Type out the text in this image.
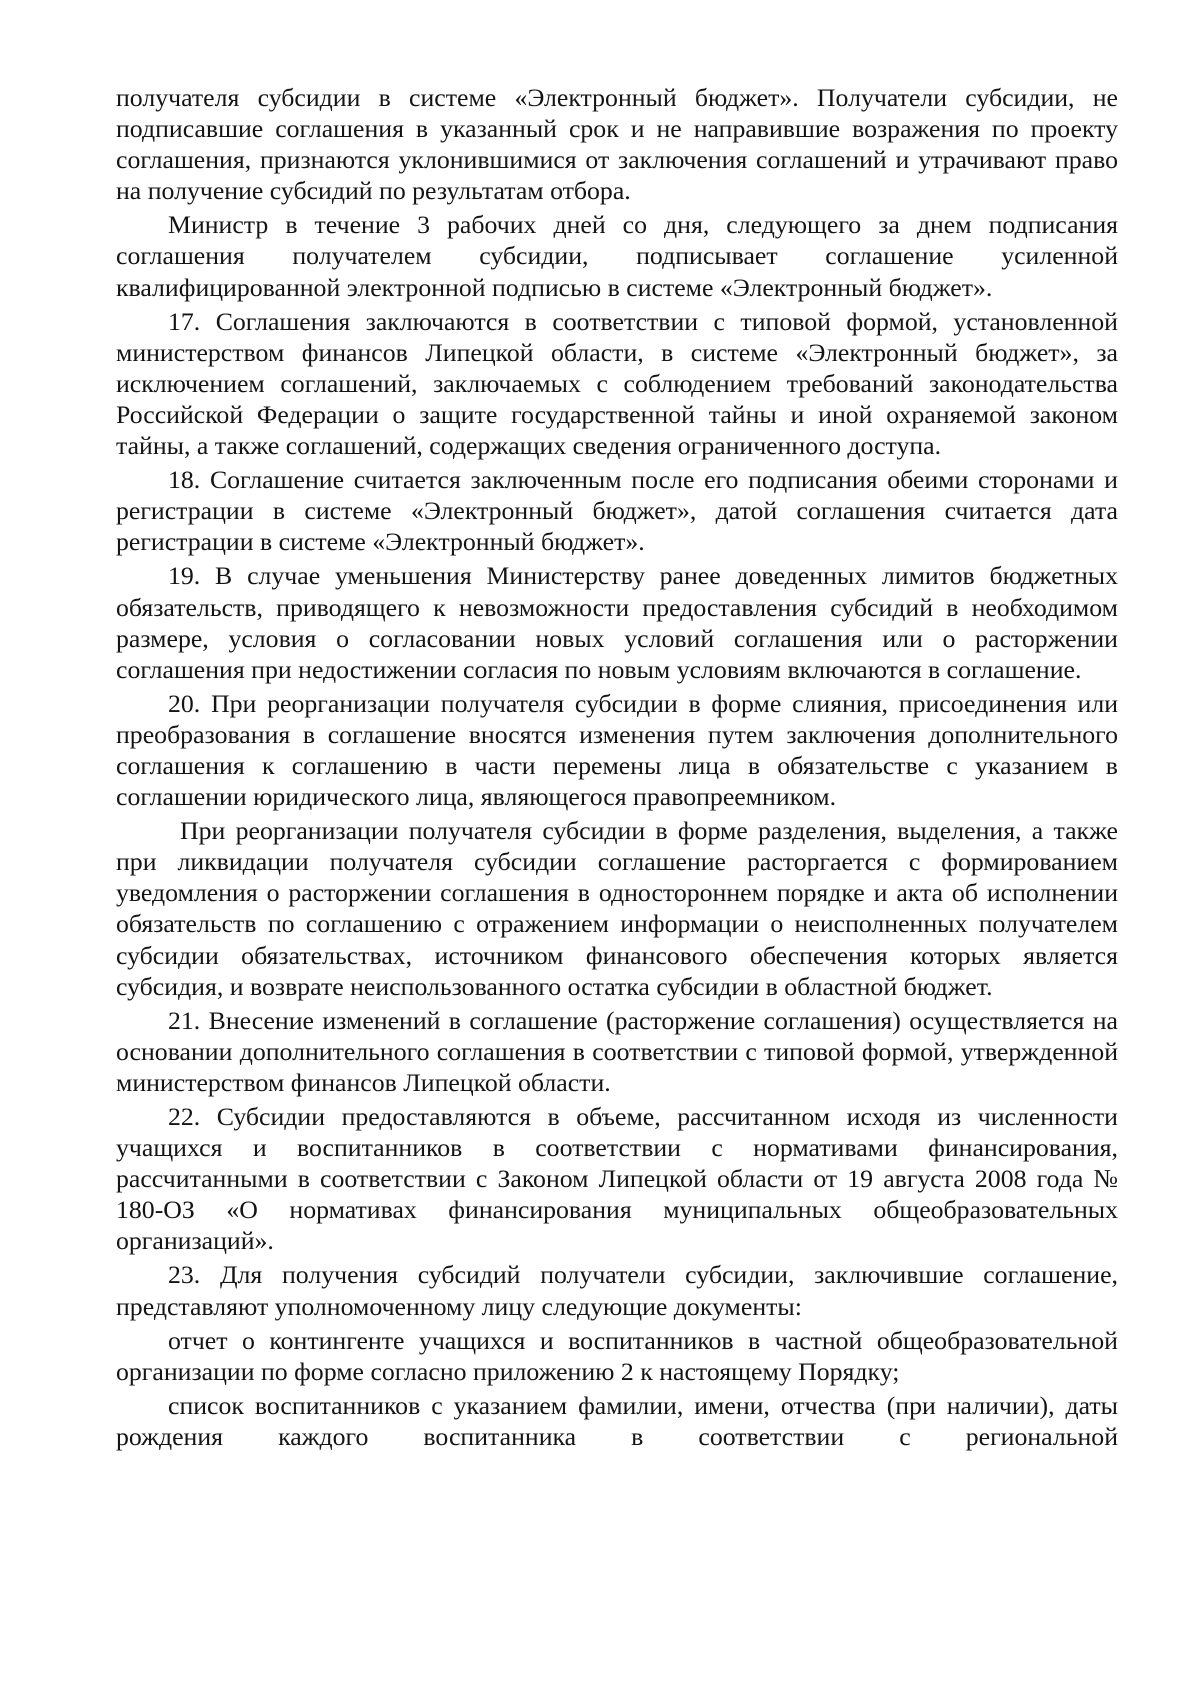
получателя субсидии в системе «Электронный бюджет». Получатели субсидии, не подписавшие соглашения в указанный срок и не направившие возражения по проекту соглашения, признаются уклонившимися от заключения соглашений и утрачивают право на получение субсидий по результатам отбора.

Министр в течение 3 рабочих дней со дня, следующего за днем подписания соглашения получателем субсидии, подписывает соглашение усиленной квалифицированной электронной подписью в системе «Электронный бюджет».

17. Соглашения заключаются в соответствии с типовой формой, установленной министерством финансов Липецкой области, в системе «Электронный бюджет», за исключением соглашений, заключаемых с соблюдением требований законодательства Российской Федерации о защите государственной тайны и иной охраняемой законом тайны, а также соглашений, содержащих сведения ограниченного доступа.

18. Соглашение считается заключенным после его подписания обеими сторонами и регистрации в системе «Электронный бюджет», датой соглашения считается дата регистрации в системе «Электронный бюджет».

19. В случае уменьшения Министерству ранее доведенных лимитов бюджетных обязательств, приводящего к невозможности предоставления субсидий в необходимом размере, условия о согласовании новых условий соглашения или о расторжении соглашения при недостижении согласия по новым условиям включаются в соглашение.

20. При реорганизации получателя субсидии в форме слияния, присоединения или преобразования в соглашение вносятся изменения путем заключения дополнительного соглашения к соглашению в части перемены лица в обязательстве с указанием в соглашении юридического лица, являющегося правопреемником.

При реорганизации получателя субсидии в форме разделения, выделения, а также при ликвидации получателя субсидии соглашение расторгается с формированием уведомления о расторжении соглашения в одностороннем порядке и акта об исполнении обязательств по соглашению с отражением информации о неисполненных получателем субсидии обязательствах, источником финансового обеспечения которых является субсидия, и возврате неиспользованного остатка субсидии в областной бюджет.

21. Внесение изменений в соглашение (расторжение соглашения) осуществляется на основании дополнительного соглашения в соответствии с типовой формой, утвержденной министерством финансов Липецкой области.

22. Субсидии предоставляются в объеме, рассчитанном исходя из численности учащихся и воспитанников в соответствии с нормативами финансирования, рассчитанными в соответствии с Законом Липецкой области от 19 августа 2008 года № 180-ОЗ «О нормативах финансирования муниципальных общеобразовательных организаций».

23. Для получения субсидий получатели субсидии, заключившие соглашение, представляют уполномоченному лицу следующие документы:

отчет о контингенте учащихся и воспитанников в частной общеобразовательной организации по форме согласно приложению 2 к настоящему Порядку;

список воспитанников с указанием фамилии, имени, отчества (при наличии), даты рождения каждого воспитанника в соответствии с региональной
